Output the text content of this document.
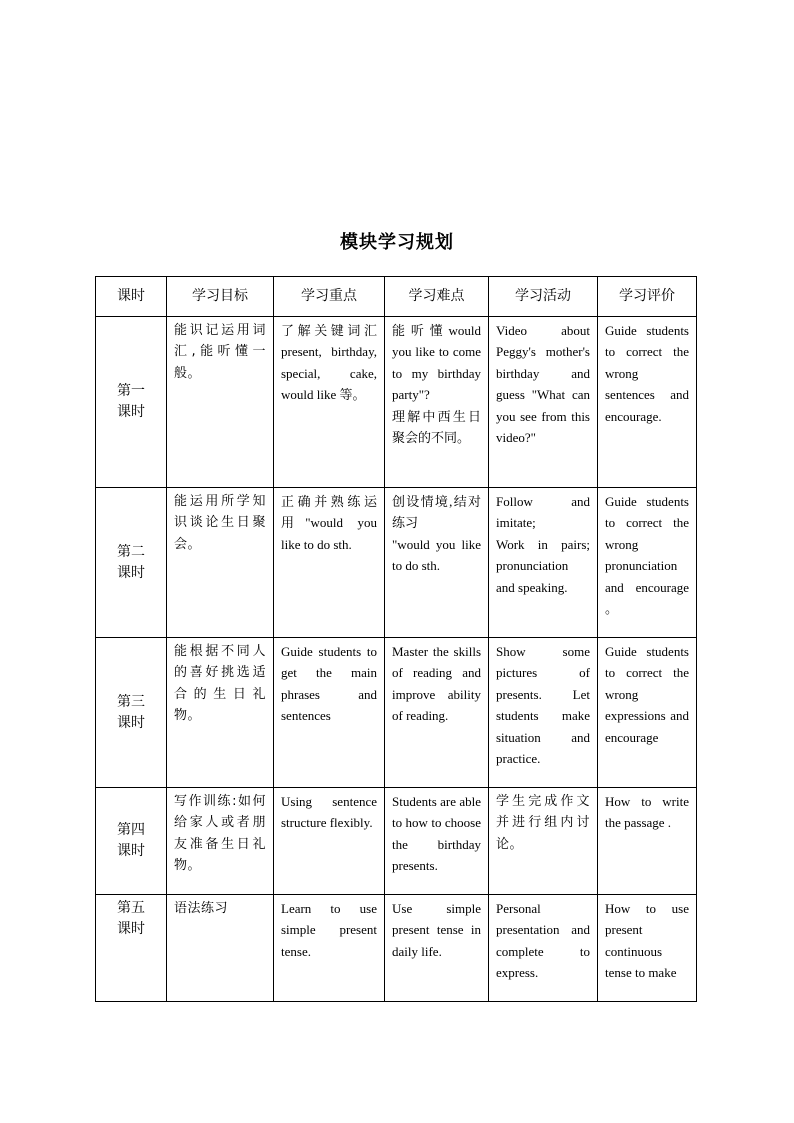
模块学习规划
课时	学习目标	学习重点	学习难点	学习活动	学习评价
第一
课时	能识记运用词汇,能听懂一般。	了解关键词汇present, birthday, special, cake, would like 等。	能听懂would you like to come to my birthday party"?
理解中西生日聚会的不同。	Video about Peggy's mother's birthday and guess "What can you see from this video?"	Guide students to correct the wrong sentences and encourage.
第二
课时	能运用所学知识谈论生日聚会。	正确并熟练运用"would you like to do sth.	创设情境,结对练习
"would you like to do sth.	Follow and imitate;
Work in pairs; pronunciation and speaking.	Guide students to correct the wrong pronunciation and encourage 。
第三
课时	能根据不同人的喜好挑选适合的生日礼物。	Guide students to get the main phrases and sentences	Master the skills of reading and improve ability of reading.	Show some pictures of presents. Let students make situation and practice.	Guide students to correct the wrong expressions and encourage
第四
课时	写作训练:如何给家人或者朋友准备生日礼物。	Using sentence structure flexibly.	Students are able to how to choose the birthday presents.	学生完成作文并进行组内讨论。	How to write the passage .
第五
课时	语法练习	Learn to use simple present tense.	Use simple present tense in daily life.	Personal presentation and complete to express.	How to use present continuous tense to make
